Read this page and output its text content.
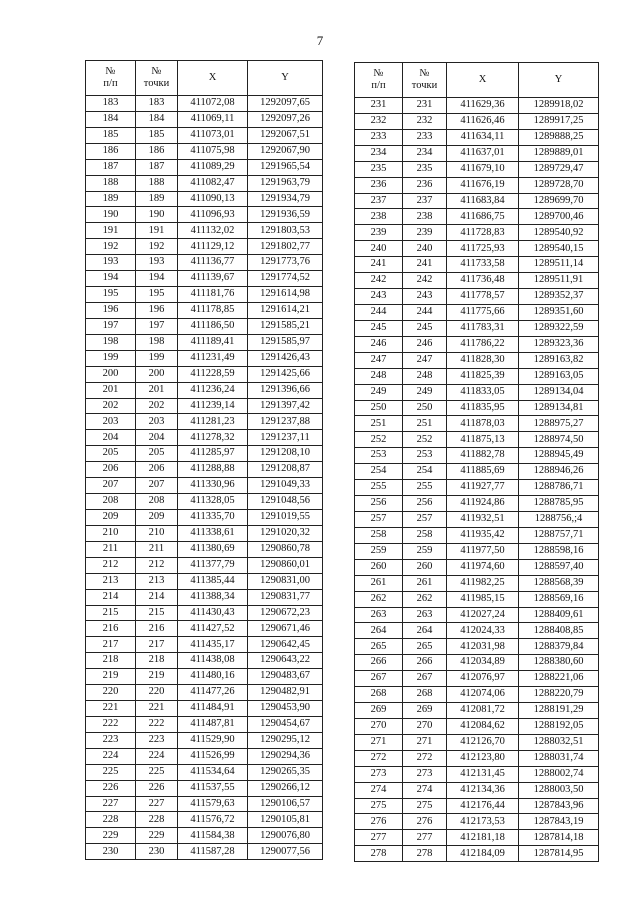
7
№
п/п	№
точки	X	Y
183	183	411072,08	1292097,65
184	184	411069,11	1292097,26
185	185	411073,01	1292067,51
186	186	411075,98	1292067,90
187	187	411089,29	1291965,54
188	188	411082,47	1291963,79
189	189	411090,13	1291934,79
190	190	411096,93	1291936,59
191	191	411132,02	1291803,53
192	192	411129,12	1291802,77
193	193	411136,77	1291773,76
194	194	411139,67	1291774,52
195	195	411181,76	1291614,98
196	196	411178,85	1291614,21
197	197	411186,50	1291585,21
198	198	411189,41	1291585,97
199	199	411231,49	1291426,43
200	200	411228,59	1291425,66
201	201	411236,24	1291396,66
202	202	411239,14	1291397,42
203	203	411281,23	1291237,88
204	204	411278,32	1291237,11
205	205	411285,97	1291208,10
206	206	411288,88	1291208,87
207	207	411330,96	1291049,33
208	208	411328,05	1291048,56
209	209	411335,70	1291019,55
210	210	411338,61	1291020,32
211	211	411380,69	1290860,78
212	212	411377,79	1290860,01
213	213	411385,44	1290831,00
214	214	411388,34	1290831,77
215	215	411430,43	1290672,23
216	216	411427,52	1290671,46
217	217	411435,17	1290642,45
218	218	411438,08	1290643,22
219	219	411480,16	1290483,67
220	220	411477,26	1290482,91
221	221	411484,91	1290453,90
222	222	411487,81	1290454,67
223	223	411529,90	1290295,12
224	224	411526,99	1290294,36
225	225	411534,64	1290265,35
226	226	411537,55	1290266,12
227	227	411579,63	1290106,57
228	228	411576,72	1290105,81
229	229	411584,38	1290076,80
230	230	411587,28	1290077,56
№
п/п	№
точки	X	Y
231	231	411629,36	1289918,02
232	232	411626,46	1289917,25
233	233	411634,11	1289888,25
234	234	411637,01	1289889,01
235	235	411679,10	1289729,47
236	236	411676,19	1289728,70
237	237	411683,84	1289699,70
238	238	411686,75	1289700,46
239	239	411728,83	1289540,92
240	240	411725,93	1289540,15
241	241	411733,58	1289511,14
242	242	411736,48	1289511,91
243	243	411778,57	1289352,37
244	244	411775,66	1289351,60
245	245	411783,31	1289322,59
246	246	411786,22	1289323,36
247	247	411828,30	1289163,82
248	248	411825,39	1289163,05
249	249	411833,05	1289134,04
250	250	411835,95	1289134,81
251	251	411878,03	1288975,27
252	252	411875,13	1288974,50
253	253	411882,78	1288945,49
254	254	411885,69	1288946,26
255	255	411927,77	1288786,71
256	256	411924,86	1288785,95
257	257	411932,51	1288756,;4
258	258	411935,42	1288757,71
259	259	411977,50	1288598,16
260	260	411974,60	1288597,40
261	261	411982,25	1288568,39
262	262	411985,15	1288569,16
263	263	412027,24	1288409,61
264	264	412024,33	1288408,85
265	265	412031,98	1288379,84
266	266	412034,89	1288380,60
267	267	412076,97	1288221,06
268	268	412074,06	1288220,79
269	269	412081,72	1288191,29
270	270	412084,62	1288192,05
271	271	412126,70	1288032,51
272	272	412123,80	1288031,74
273	273	412131,45	1288002,74
274	274	412134,36	1288003,50
275	275	412176,44	1287843,96
276	276	412173,53	1287843,19
277	277	412181,18	1287814,18
278	278	412184,09	1287814,95
